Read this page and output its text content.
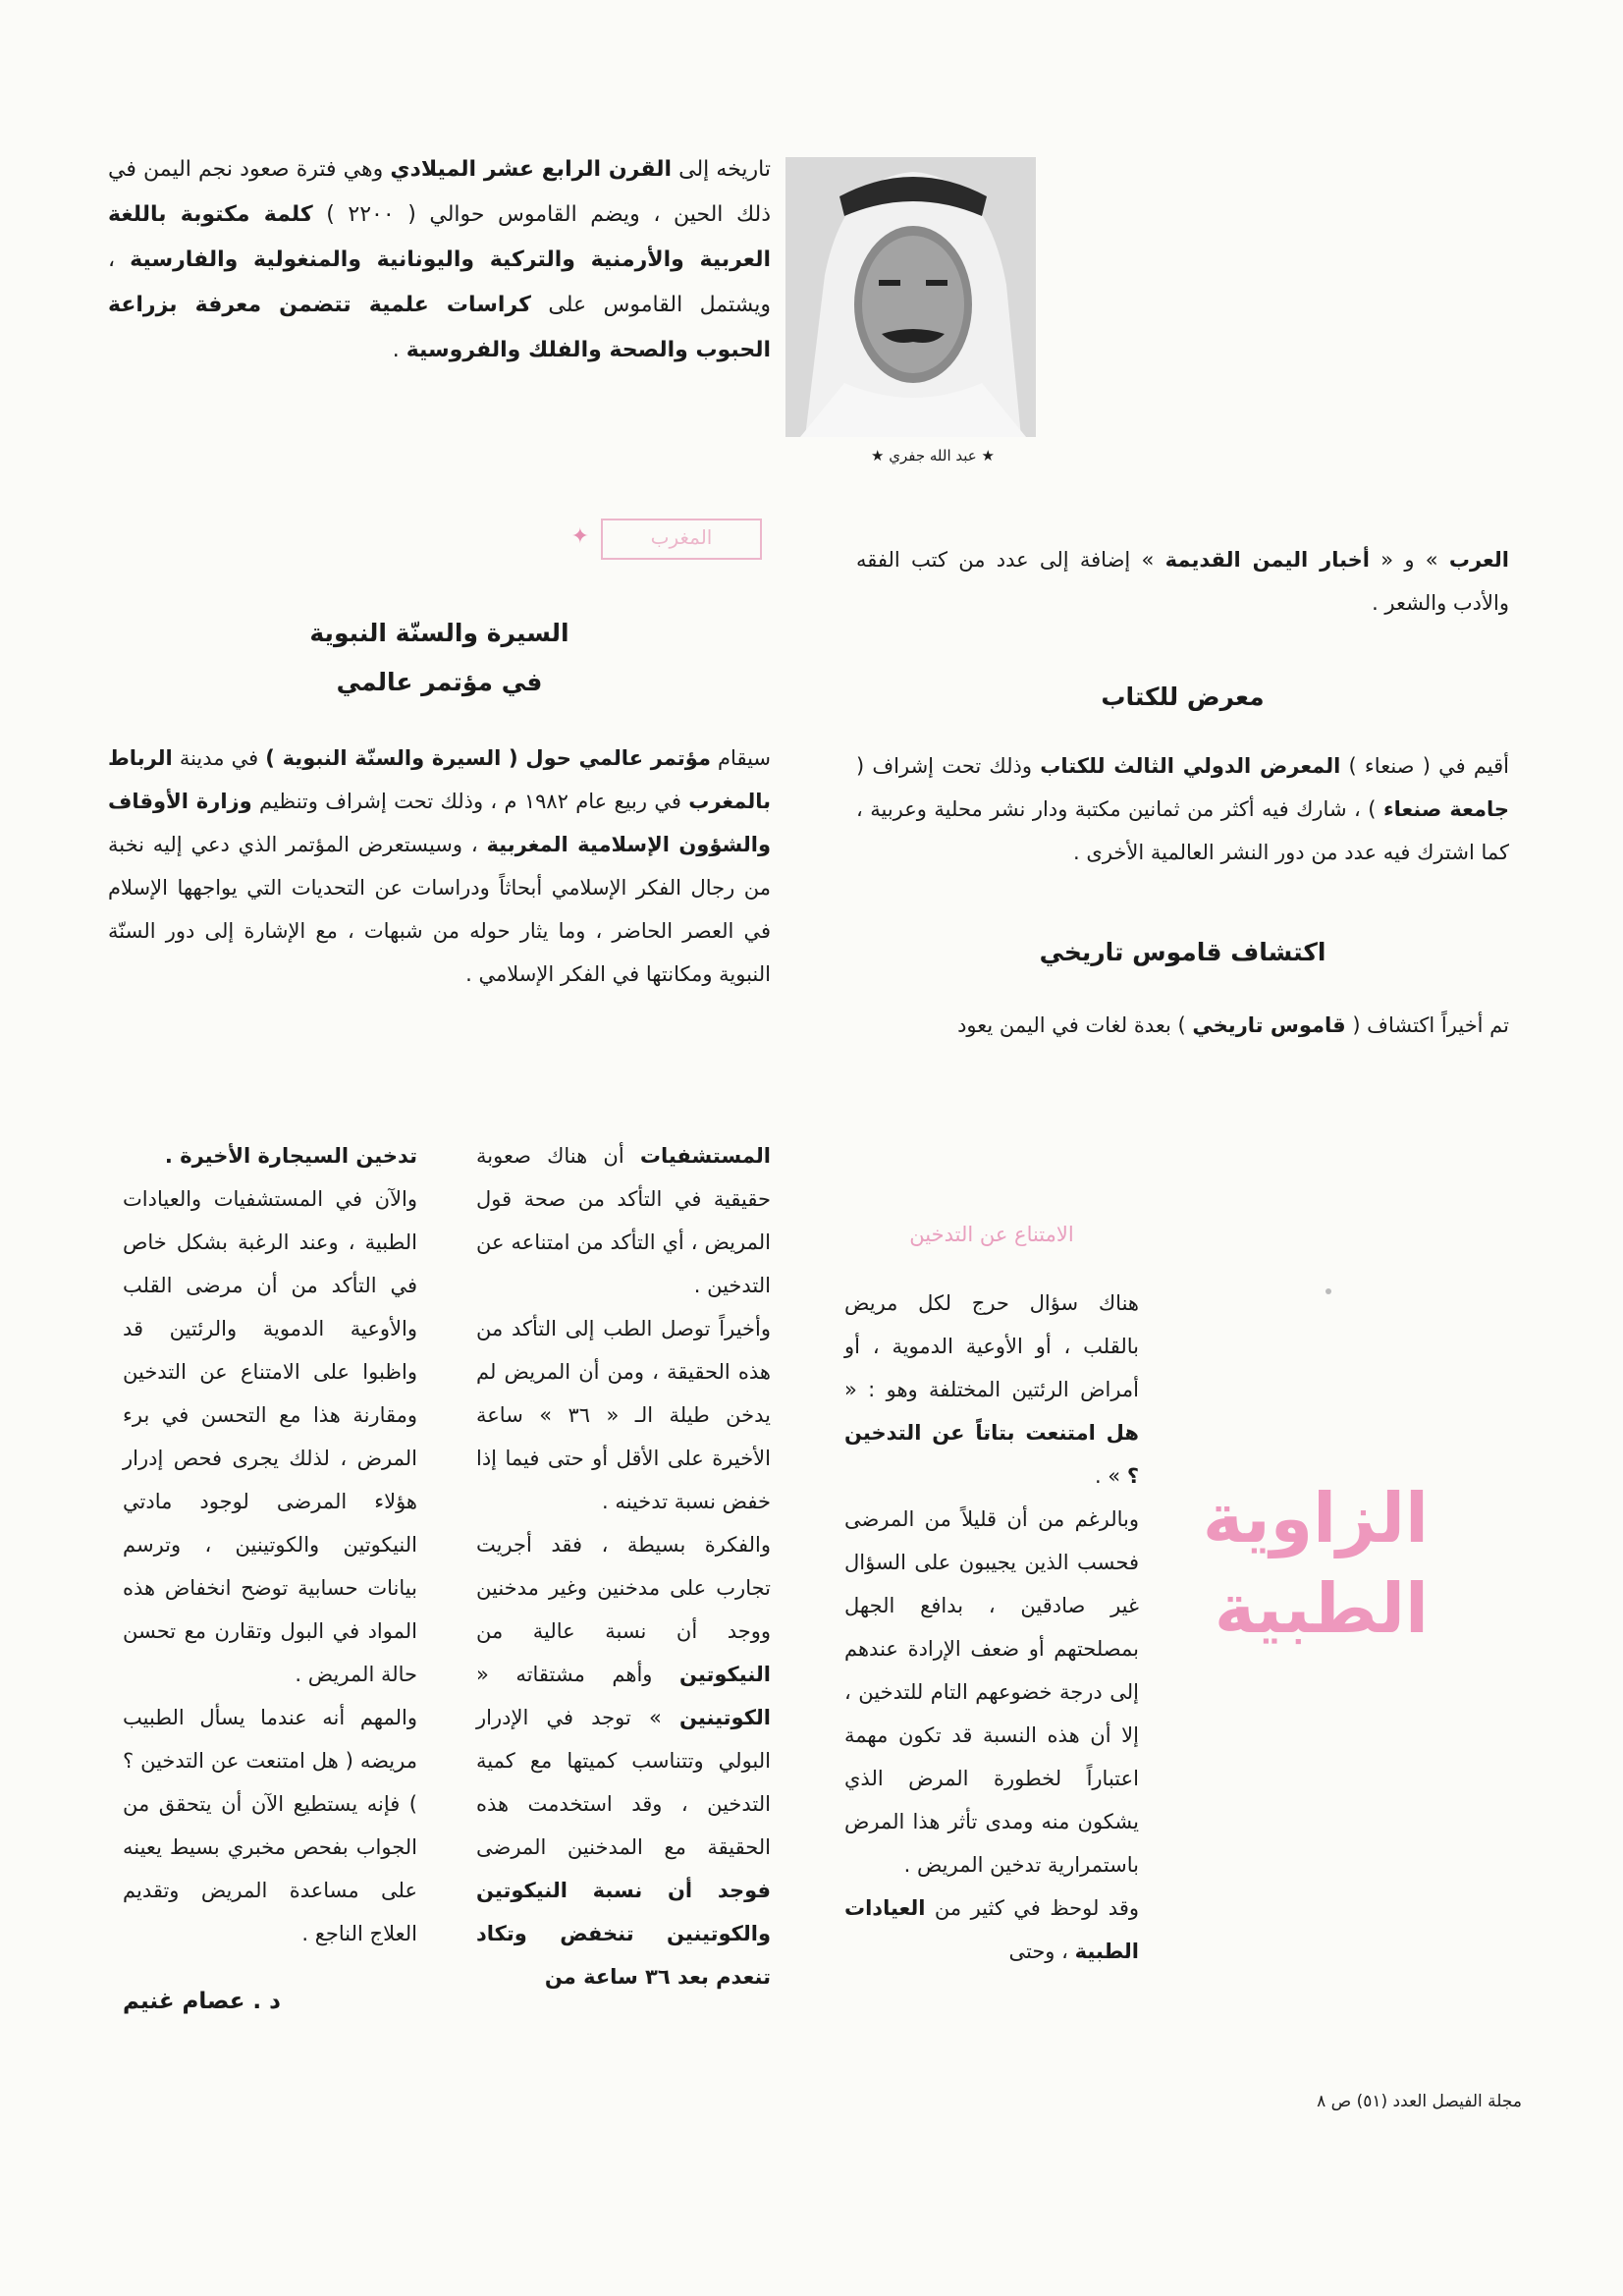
★ عبد الله جفري ★

تاريخه إلى القرن الرابع عشر الميلادي وهي فترة صعود نجم اليمن في ذلك الحين ، ويضم القاموس حوالي ( ٢٢٠٠ ) كلمة مكتوبة باللغة العربية والأرمنية والتركية واليونانية والمنغولية والفارسية ، ويشتمل القاموس على كراسات علمية تتضمن معرفة بزراعة الحبوب والصحة والفلك والفروسية .

المغرب
✦

العرب » و « أخبار اليمن القديمة » إضافة إلى عدد من كتب الفقه والأدب والشعر .

معرض للكتاب

أقيم في ( صنعاء ) المعرض الدولي الثالث للكتاب وذلك تحت إشراف ( جامعة صنعاء ) ، شارك فيه أكثر من ثمانين مكتبة ودار نشر محلية وعربية ، كما اشترك فيه عدد من دور النشر العالمية الأخرى .

اكتشاف قاموس تاريخي

تم أخيراً اكتشاف ( قاموس تاريخي ) بعدة لغات في اليمن يعود

السيرة والسنّة النبوية
في مؤتمر عالمي

سيقام مؤتمر عالمي حول ( السيرة والسنّة النبوية ) في مدينة الرباط بالمغرب في ربيع عام ١٩٨٢ م ، وذلك تحت إشراف وتنظيم وزارة الأوقاف والشؤون الإسلامية المغربية ، وسيستعرض المؤتمر الذي دعي إليه نخبة من رجال الفكر الإسلامي أبحاثاً ودراسات عن التحديات التي يواجهها الإسلام في العصر الحاضر ، وما يثار حوله من شبهات ، مع الإشارة إلى دور السنّة النبوية ومكانتها في الفكر الإسلامي .

الزاوية
الطبية
الامتناع عن التدخين

هناك سؤال حرج لكل مريض بالقلب ، أو الأوعية الدموية ، أو أمراض الرئتين المختلفة وهو : « هل امتنعت بتاتاً عن التدخين ؟ » .

وبالرغم من أن قليلاً من المرضى فحسب الذين يجيبون على السؤال غير صادقين ، بدافع الجهل بمصلحتهم أو ضعف الإرادة عندهم إلى درجة خضوعهم التام للتدخين ، إلا أن هذه النسبة قد تكون مهمة اعتباراً لخطورة المرض الذي يشكون منه ومدى تأثر هذا المرض باستمرارية تدخين المريض .

وقد لوحظ في كثير من العيادات الطبية ، وحتى

المستشفيات أن هناك صعوبة حقيقية في التأكد من صحة قول المريض ، أي التأكد من امتناعه عن التدخين .

وأخيراً توصل الطب إلى التأكد من هذه الحقيقة ، ومن أن المريض لم يدخن طيلة الـ « ٣٦ » ساعة الأخيرة على الأقل أو حتى فيما إذا خفض نسبة تدخينه .

والفكرة بسيطة ، فقد أجريت تجارب على مدخنين وغير مدخنين ووجد أن نسبة عالية من النيكوتين وأهم مشتقاته « الكوتينين » توجد في الإدرار البولي وتتناسب كميتها مع كمية التدخين ، وقد استخدمت هذه الحقيقة مع المدخنين المرضى فوجد أن نسبة النيكوتين والكوتينين تنخفض وتكاد تنعدم بعد ٣٦ ساعة من

تدخين السيجارة الأخيرة .

والآن في المستشفيات والعيادات الطبية ، وعند الرغبة بشكل خاص في التأكد من أن مرضى القلب والأوعية الدموية والرئتين قد واظبوا على الامتناع عن التدخين ومقارنة هذا مع التحسن في برء المرض ، لذلك يجرى فحص إدرار هؤلاء المرضى لوجود مادتي النيكوتين والكوتينين ، وترسم بيانات حسابية توضح انخفاض هذه المواد في البول وتقارن مع تحسن حالة المريض .

والمهم أنه عندما يسأل الطبيب مريضه ( هل امتنعت عن التدخين ؟ ) فإنه يستطيع الآن أن يتحقق من الجواب بفحص مخبري بسيط يعينه على مساعدة المريض وتقديم العلاج الناجع .

د . عصام غنيم
مجلة الفيصل العدد (٥١) ص ٨
